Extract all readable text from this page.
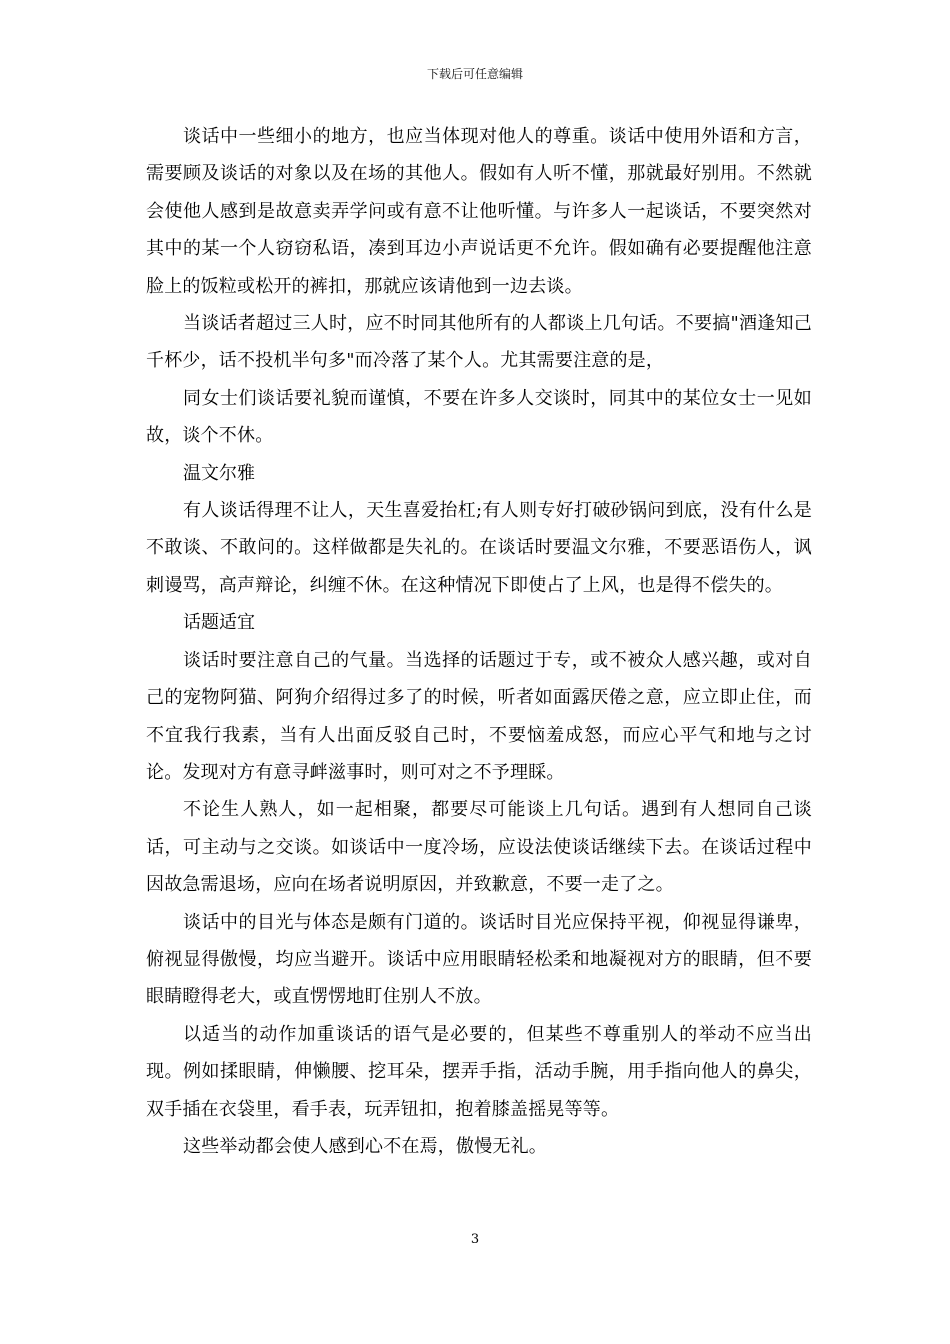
下载后可任意编辑

谈话中一些细小的地方，也应当体现对他人的尊重。谈话中使用外语和方言，需要顾及谈话的对象以及在场的其他人。假如有人听不懂，那就最好别用。不然就会使他人感到是故意卖弄学问或有意不让他听懂。与许多人一起谈话，不要突然对其中的某一个人窃窃私语，凑到耳边小声说话更不允许。假如确有必要提醒他注意脸上的饭粒或松开的裤扣，那就应该请他到一边去谈。

当谈话者超过三人时，应不时同其他所有的人都谈上几句话。不要搞"酒逢知己千杯少，话不投机半句多"而冷落了某个人。尤其需要注意的是，

同女士们谈话要礼貌而谨慎，不要在许多人交谈时，同其中的某位女士一见如故，谈个不休。

温文尔雅

有人谈话得理不让人，天生喜爱抬杠;有人则专好打破砂锅问到底，没有什么是不敢谈、不敢问的。这样做都是失礼的。在谈话时要温文尔雅，不要恶语伤人，讽刺谩骂，高声辩论，纠缠不休。在这种情况下即使占了上风，也是得不偿失的。

话题适宜

谈话时要注意自己的气量。当选择的话题过于专，或不被众人感兴趣，或对自己的宠物阿猫、阿狗介绍得过多了的时候，听者如面露厌倦之意，应立即止住，而不宜我行我素，当有人出面反驳自己时，不要恼羞成怒，而应心平气和地与之讨论。发现对方有意寻衅滋事时，则可对之不予理睬。

不论生人熟人，如一起相聚，都要尽可能谈上几句话。遇到有人想同自己谈话，可主动与之交谈。如谈话中一度冷场，应设法使谈话继续下去。在谈话过程中因故急需退场，应向在场者说明原因，并致歉意，不要一走了之。

谈话中的目光与体态是颇有门道的。谈话时目光应保持平视，仰视显得谦卑，俯视显得傲慢，均应当避开。谈话中应用眼睛轻松柔和地凝视对方的眼睛，但不要眼睛瞪得老大，或直愣愣地盯住别人不放。

以适当的动作加重谈话的语气是必要的，但某些不尊重别人的举动不应当出现。例如揉眼睛，伸懒腰、挖耳朵，摆弄手指，活动手腕，用手指向他人的鼻尖，双手插在衣袋里，看手表，玩弄钮扣，抱着膝盖摇晃等等。

这些举动都会使人感到心不在焉，傲慢无礼。

3
